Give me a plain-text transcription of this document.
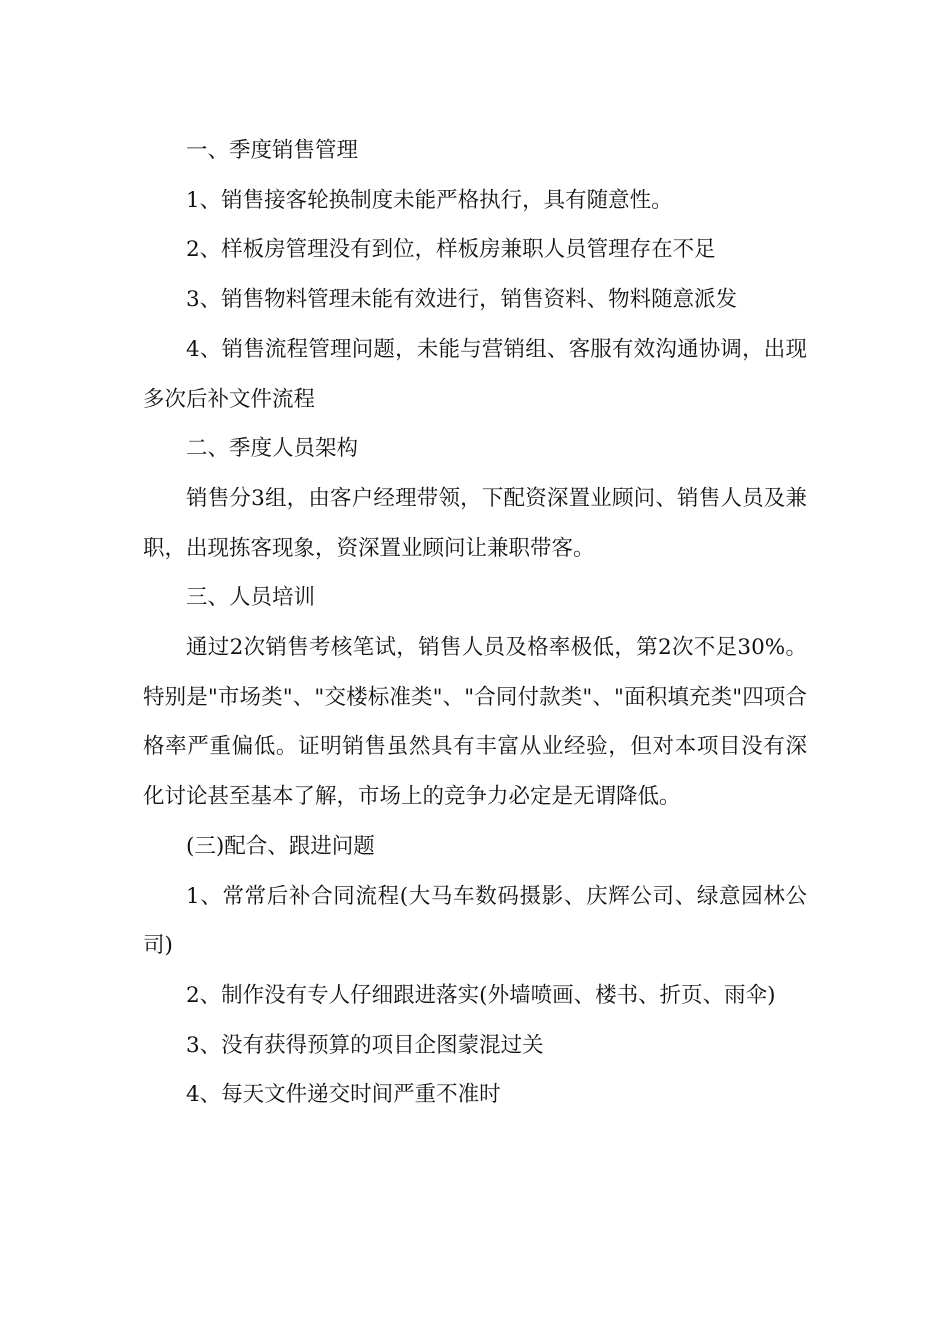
一、季度销售管理

1、销售接客轮换制度未能严格执行，具有随意性。

2、样板房管理没有到位，样板房兼职人员管理存在不足

3、销售物料管理未能有效进行，销售资料、物料随意派发

4、销售流程管理问题，未能与营销组、客服有效沟通协调，出现多次后补文件流程

二、季度人员架构

销售分3组，由客户经理带领，下配资深置业顾问、销售人员及兼职，出现拣客现象，资深置业顾问让兼职带客。

三、人员培训

通过2次销售考核笔试，销售人员及格率极低，第2次不足30%。特别是"市场类"、"交楼标准类"、"合同付款类"、"面积填充类"四项合格率严重偏低。证明销售虽然具有丰富从业经验，但对本项目没有深化讨论甚至基本了解，市场上的竞争力必定是无谓降低。

(三)配合、跟进问题

1、常常后补合同流程(大马车数码摄影、庆辉公司、绿意园林公司)

2、制作没有专人仔细跟进落实(外墙喷画、楼书、折页、雨伞)

3、没有获得预算的项目企图蒙混过关

4、每天文件递交时间严重不准时
